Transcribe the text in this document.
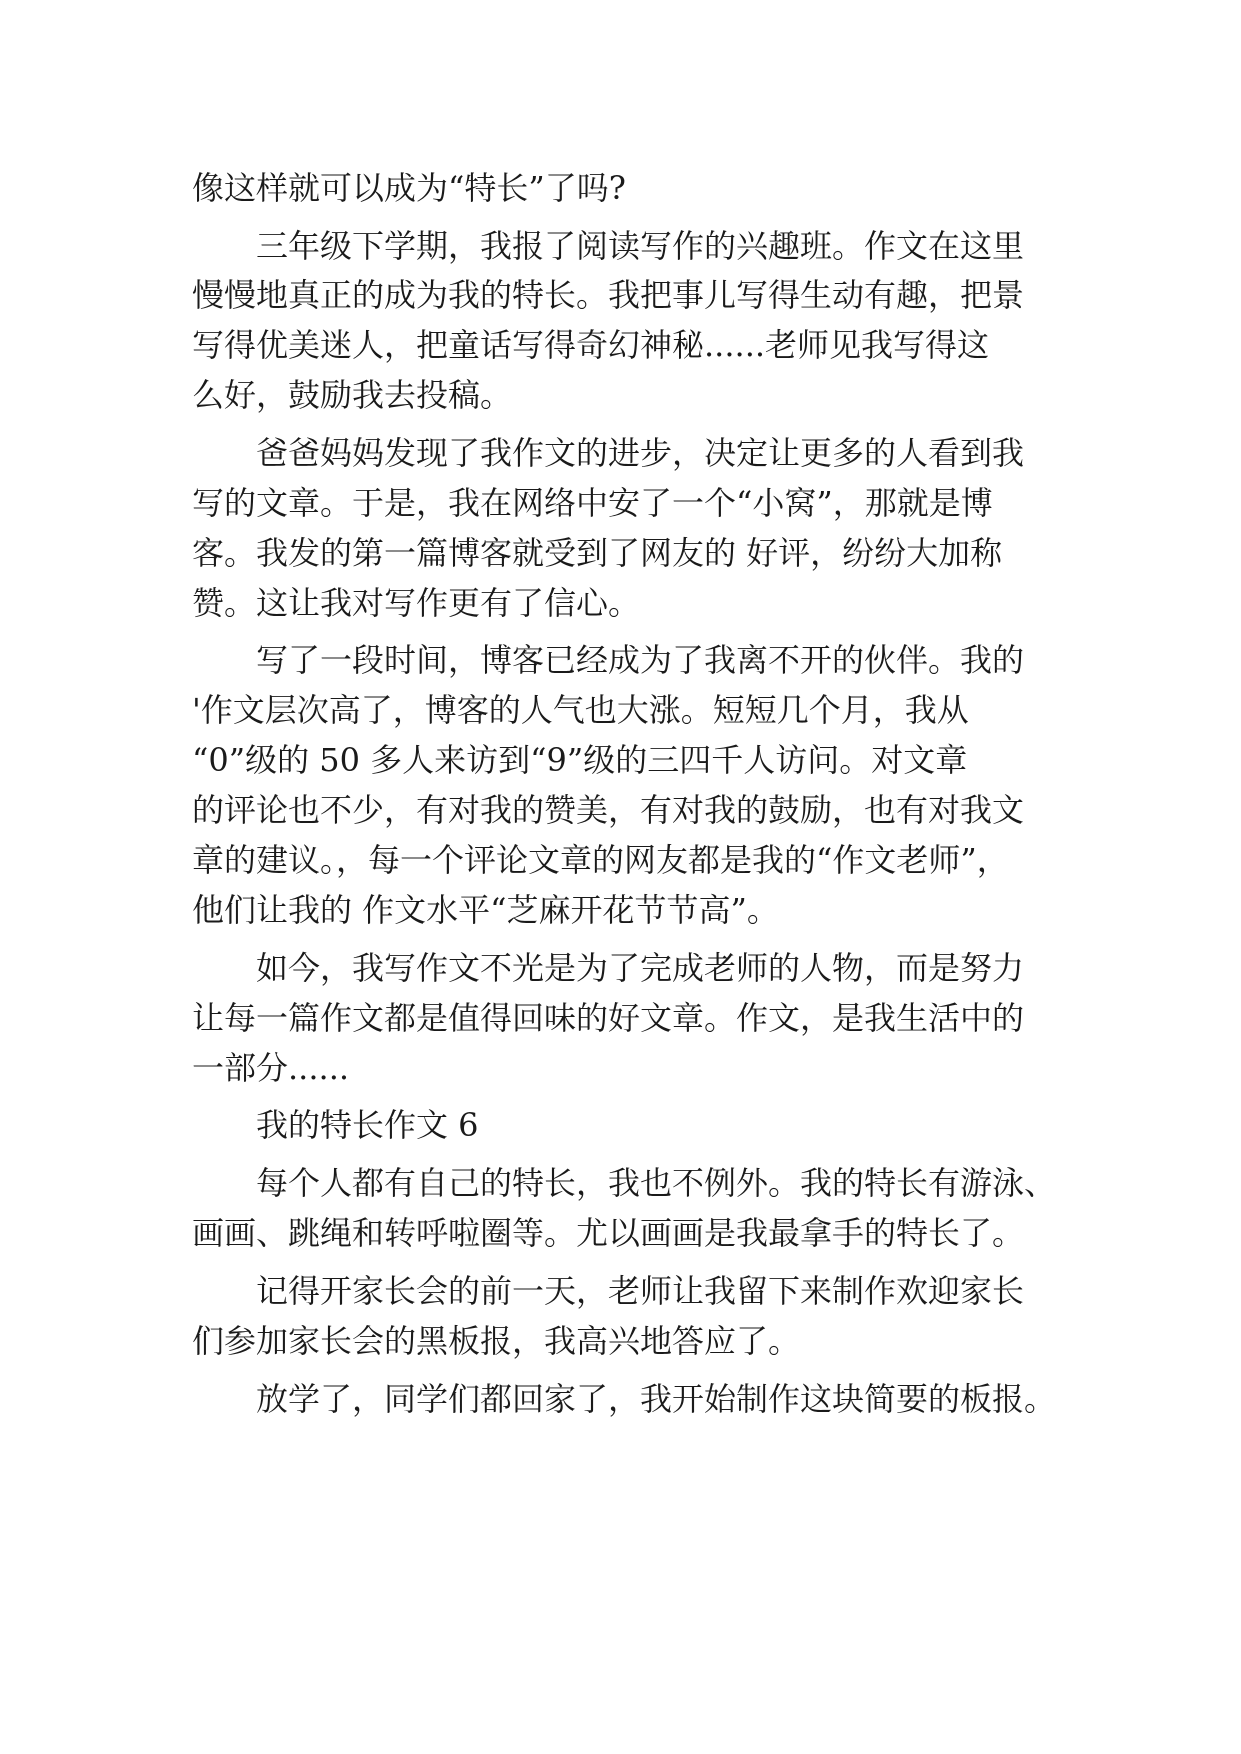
像这样就可以成为“特长”了吗?
三年级下学期，我报了阅读写作的兴趣班。作文在这里
慢慢地真正的成为我的特长。我把事儿写得生动有趣，把景
写得优美迷人，把童话写得奇幻神秘......老师见我写得这
么好，鼓励我去投稿。
爸爸妈妈发现了我作文的进步，决定让更多的人看到我
写的文章。于是，我在网络中安了一个“小窝”，那就是博
客。我发的第一篇博客就受到了网友的 好评，纷纷大加称
赞。这让我对写作更有了信心。
写了一段时间，博客已经成为了我离不开的伙伴。我的
'作文层次高了，博客的人气也大涨。短短几个月，我从
“0”级的 50 多人来访到“9”级的三四千人访问。对文章
的评论也不少，有对我的赞美，有对我的鼓励，也有对我文
章的建议。，每一个评论文章的网友都是我的“作文老师”，
他们让我的 作文水平“芝麻开花节节高”。
如今，我写作文不光是为了完成老师的人物，而是努力
让每一篇作文都是值得回味的好文章。作文，是我生活中的
一部分......
我的特长作文 6
每个人都有自己的特长，我也不例外。我的特长有游泳、
画画、跳绳和转呼啦圈等。尤以画画是我最拿手的特长了。
记得开家长会的前一天，老师让我留下来制作欢迎家长
们参加家长会的黑板报，我高兴地答应了。
放学了，同学们都回家了，我开始制作这块简要的板报。
